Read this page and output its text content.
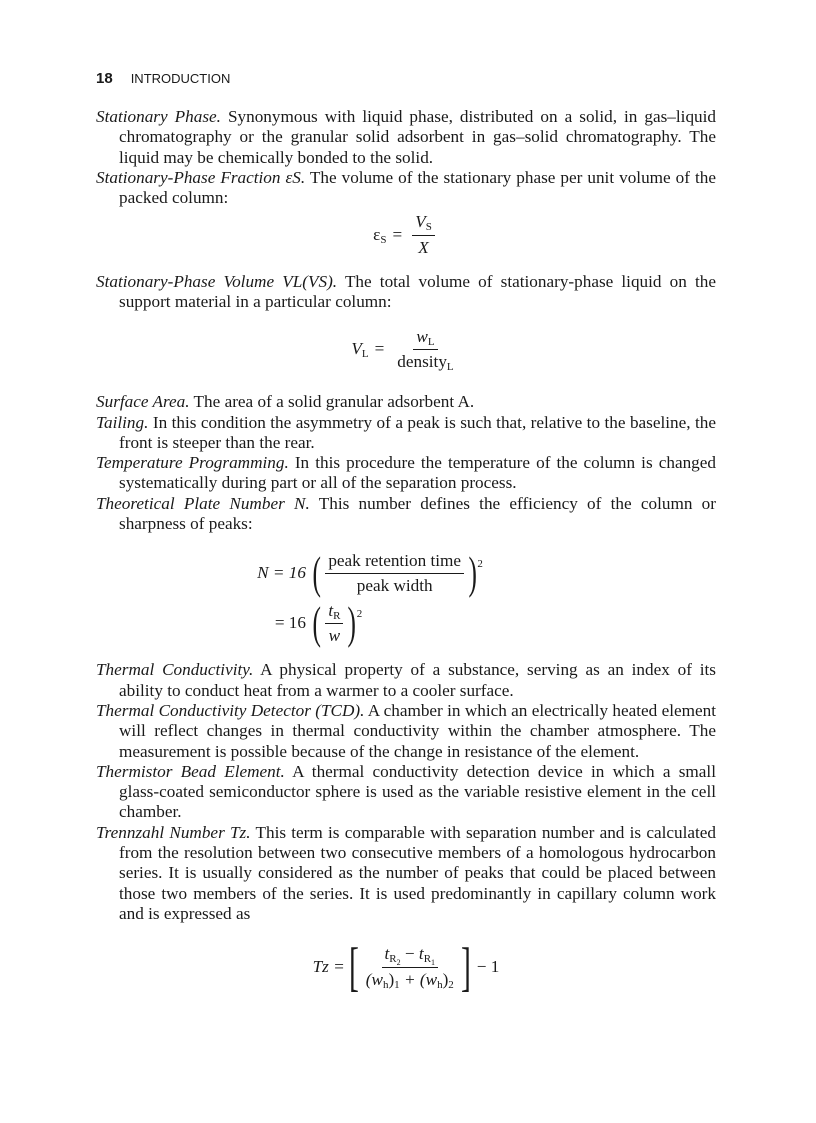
18 INTRODUCTION

Stationary Phase. Synonymous with liquid phase, distributed on a solid, in gas–liquid chromatography or the granular solid adsorbent in gas–solid chromatography. The liquid may be chemically bonded to the solid.

Stationary-Phase Fraction εS. The volume of the stationary phase per unit volume of the packed column:

$\varepsilon_S = \frac{V_S}{X}$

Stationary-Phase Volume VL(VS). The total volume of stationary-phase liquid on the support material in a particular column:

$V_L = \frac{w_L}{density_L}$

Surface Area. The area of a solid granular adsorbent A.

Tailing. In this condition the asymmetry of a peak is such that, relative to the baseline, the front is steeper than the rear.

Temperature Programming. In this procedure the temperature of the column is changed systematically during part or all of the separation process.

Theoretical Plate Number N. This number defines the efficiency of the column or sharpness of peaks:

N = 16 ( $\frac{\text{peak retention time}}{\text{peak width}}$ ) 2
= 16 ( $\frac{t_R}{w}$ ) 2

Thermal Conductivity. A physical property of a substance, serving as an index of its ability to conduct heat from a warmer to a cooler surface.

Thermal Conductivity Detector (TCD). A chamber in which an electrically heated element will reflect changes in thermal conductivity within the chamber atmosphere. The measurement is possible because of the change in resistance of the element.

Thermistor Bead Element. A thermal conductivity detection device in which a small glass-coated semiconductor sphere is used as the variable resistive element in the cell chamber.

Trennzahl Number Tz. This term is comparable with separation number and is calculated from the resolution between two consecutive members of a homologous hydrocarbon series. It is usually considered as the number of peaks that could be placed between those two members of the series. It is used predominantly in capillary column work and is expressed as

Tz = [ $\frac{t_{R2} - t_{R1}}{(w_h)_1 + (w_h)_2}$ ] − 1
